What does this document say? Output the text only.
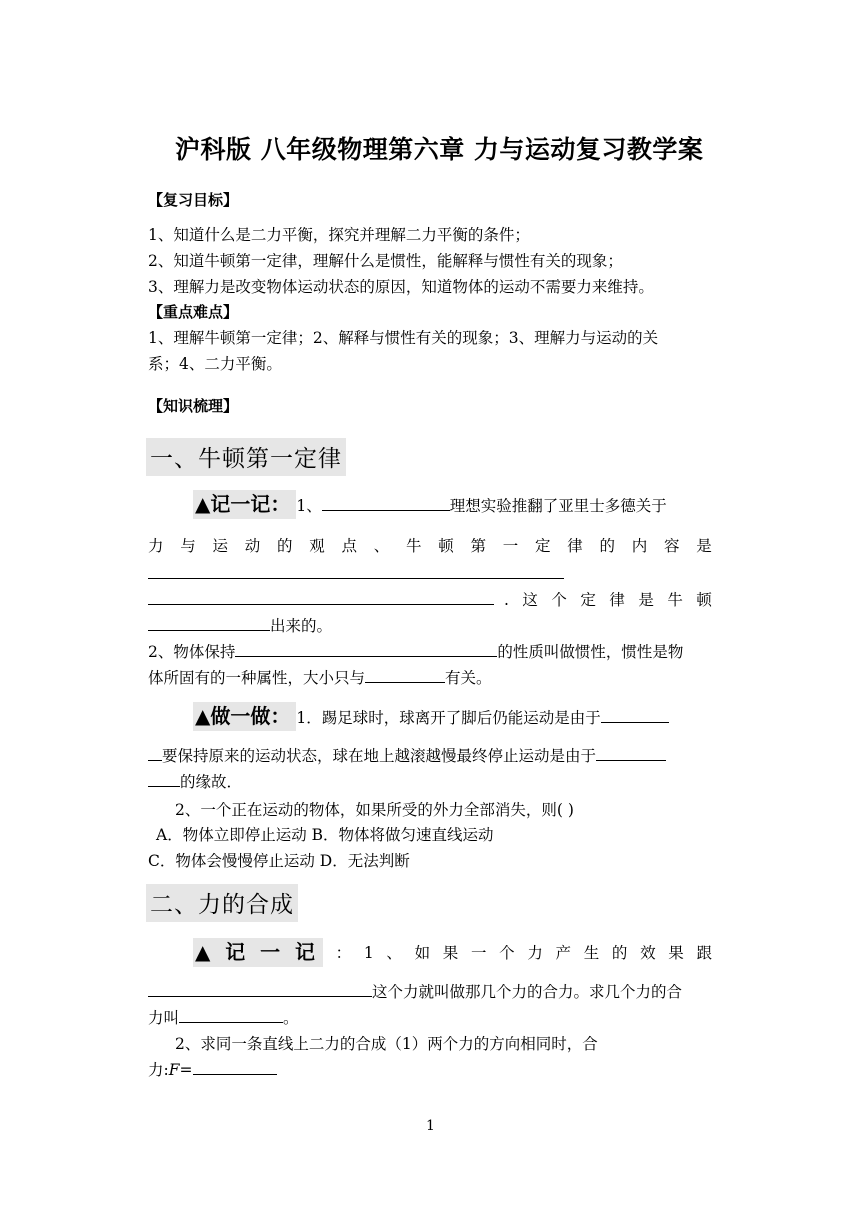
沪科版 八年级物理第六章 力与运动复习教学案
【复习目标】
1、知道什么是二力平衡，探究并理解二力平衡的条件；
2、知道牛顿第一定律，理解什么是惯性，能解释与惯性有关的现象；
3、理解力是改变物体运动状态的原因，知道物体的运动不需要力来维持。
【重点难点】
1、理解牛顿第一定律；2、解释与惯性有关的现象；3、理解力与运动的关
系；4、二力平衡。
【知识梳理】
一、牛顿第一定律
▲记一记： 1、	理想实验推翻了亚里士多德关于
力 与 运 动 的 观 点 、 牛 顿 第 一 定 律 的 内 容 是
. 这 个 定 律 是 牛 顿
出来的。
2、物体保持	的性质叫做惯性，惯性是物
体所固有的一种属性，大小只与	有关。
▲做一做： 1．踢足球时，球离开了脚后仍能运动是由于
要保持原来的运动状态，球在地上越滚越慢最终停止运动是由于
的缘故．
2、一个正在运动的物体，如果所受的外力全部消失，则( )
A．物体立即停止运动 B．物体将做匀速直线运动
C．物体会慢慢停止运动 D．无法判断
二、力的合成
▲ 记 一 记 ： 1 、 如 果 一 个 力 产 生 的 效 果 跟
这个力就叫做那几个力的合力。求几个力的合
力叫	。
2、求同一条直线上二力的合成（1）两个力的方向相同时，合
力:F=
1
